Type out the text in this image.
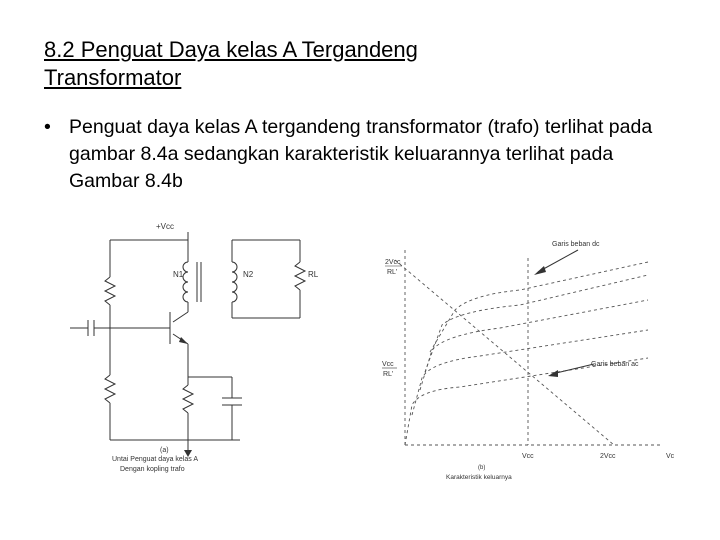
8.2 Penguat Daya kelas A Tergandeng
Transformator
• Penguat daya kelas A tergandeng transformator (trafo) terlihat pada gambar 8.4a sedangkan karakteristik keluarannya terlihat pada Gambar 8.4b
+Vcc
N1	N2	RL
(a)
Untai Penguat daya kelas A
Dengan kopling trafo
2Vcc
RL'
Vcc
RL'
Garis beban dc
Garis beban ac
Vcc	2Vcc	Vc
(b)
Karakteristik keluarnya
